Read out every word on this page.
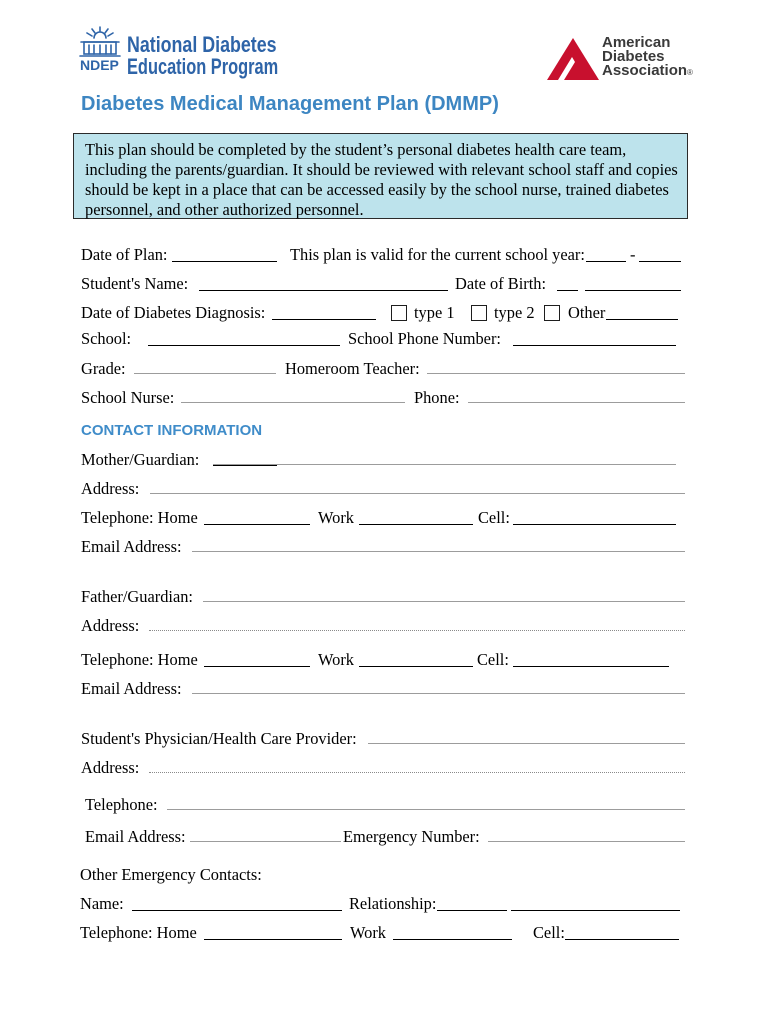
NDEP
National Diabetes
Education Program
American
Diabetes
Association®
Diabetes Medical Management Plan (DMMP)
This plan should be completed by the student’s personal diabetes health care team,
including the parents/guardian. It should be reviewed with relevant school staff and copies
should be kept in a place that can be accessed easily by the school nurse, trained diabetes
personnel, and other authorized personnel.
Date of Plan:	This plan is valid for the current school year:	-
Student's Name:	Date of Birth:
Date of Diabetes Diagnosis:	type 1 type 2 Other
School:	School Phone Number:
Grade:	Homeroom Teacher:
School Nurse:	Phone:
CONTACT INFORMATION
Mother/Guardian:
Address:
Telephone: Home	Work	Cell:
Email Address:
Father/Guardian:
Address:
Telephone: Home	Work	Cell:
Email Address:
Student's Physician/Health Care Provider:
Address:
Telephone:
Email Address:	Emergency Number:
Other Emergency Contacts:
Name:	Relationship:
Telephone: Home	Work	Cell:
